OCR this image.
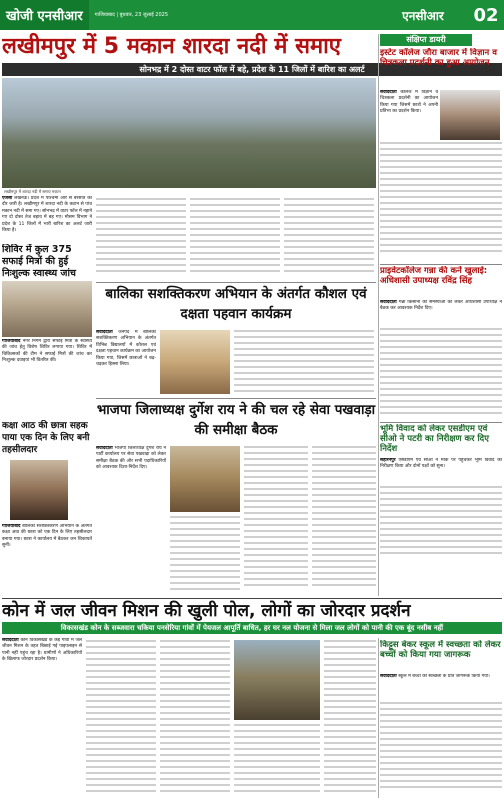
खोजी एनसीआर	गाजियाबाद | बुधवार, 23 जुलाई 2025	एनसीआर	02
लखीमपुर में 5 मकान शारदा नदी में समाए
सोनभद्र में 2 दोस्त वाटर फॉल में बहे, प्रदेश के 11 जिलों में बारिश का अलर्ट
लखीमपुर में शारदा नदी में समाए मकान
एजेंसी लखनऊ। प्रदेश में पश्चिमी ओर से बरसात का दौर जारी है। लखीमपुर में शारदा नदी के कटान से पांच मकान नदी में समा गए। सोनभद्र में वाटर फॉल में नहाने गए दो दोस्त तेज बहाव में बह गए। मौसम विभाग ने प्रदेश के 11 जिलों में भारी बारिश का अलर्ट जारी किया है।
शिविर में कुल 375 सफाई मित्रों की हुई निःशुल्क स्वास्थ्य जांच
गाजियाबाद नगर निगम द्वारा सफाई मित्रों के स्वास्थ्य की जांच हेतु विशेष शिविर लगाया गया। शिविर में चिकित्सकों की टीम ने सफाई मित्रों की जांच कर निःशुल्क दवाइयां भी वितरित कीं।
बालिका सशक्तिकरण अभियान के अंतर्गत कौशल एवं दक्षता पहवान कार्यक्रम
संवाददाता जनपद में बालिका सशक्तिकरण अभियान के अंतर्गत विभिन्न विद्यालयों में कौशल एवं दक्षता पहचान कार्यक्रम का आयोजन किया गया, जिसमें छात्राओं ने बढ़-चढ़कर हिस्सा लिया।
भाजपा जिलाध्यक्ष दुर्गेश राय ने की चल रहे सेवा पखवाड़ा की समीक्षा बैठक
कक्षा आठ की छात्रा सहक पाया एक दिन के लिए बनी तहसीलदार
गाजियाबाद बालिका सशक्तिकरण अभियान के अंतर्गत कक्षा आठ की छात्रा को एक दिन के लिए तहसीलदार बनाया गया। छात्रा ने कार्यालय में बैठकर जन शिकायतें सुनीं।
संवाददाता भाजपा जिलाध्यक्ष दुर्गेश राय ने पार्टी कार्यालय पर सेवा पखवाड़ा को लेकर समीक्षा बैठक की और सभी पदाधिकारियों को आवश्यक दिशा-निर्देश दिए।
संक्षिप्त डायरी
इस्टेट कॉलेज जौरा बाजार में विज्ञान व चित्रकला प्रदर्शनी का हुआ आयोजन
संवाददाता कॉलेज में विज्ञान व चित्रकला प्रदर्शनी का आयोजन किया गया जिसमें छात्रों ने अपनी प्रतिभा का प्रदर्शन किया।
प्राइवेटकॉलेज गन्ना की कर्ने खुलाई: अधिशासी उपाध्यक्ष रविंद्र सिंह
संवाददाता गन्ना किसानों की समस्याओं को लेकर अधिशासी उपाध्यक्ष ने बैठक कर आवश्यक निर्देश दिए।
भूमि विवाद को लेकर एसडीएम एवं सीओ ने पटरी का निरीक्षण कर दिए निर्देश
सहारनपुर एसडीएम एवं सीओ ने मौके पर पहुंचकर भूमि विवाद का निरीक्षण किया और दोनों पक्षों को सुना।
कोन में जल जीवन मिशन की खुली पोल, लोगों का जोरदार प्रदर्शन
विकासखंड कोन के सब्जवारा चकिया पनसेरिया गांवों में पेयजल आपूर्ति बाधित, हर घर नल योजना से मिला जल लोगों को पानी की एक बूंद नसीब नहीं
संवाददाता कोन विकासखंड के कई गांवों में जल जीवन मिशन के तहत बिछाई गई पाइपलाइन से पानी नहीं पहुंच रहा है। ग्रामीणों ने अधिकारियों के खिलाफ जोरदार प्रदर्शन किया।
किट्टुस बेकर स्कूल में स्वच्छता को लेकर बच्चों को किया गया जागरूक
संवाददाता स्कूल में बच्चों को स्वच्छता के प्रति जागरूक किया गया।
